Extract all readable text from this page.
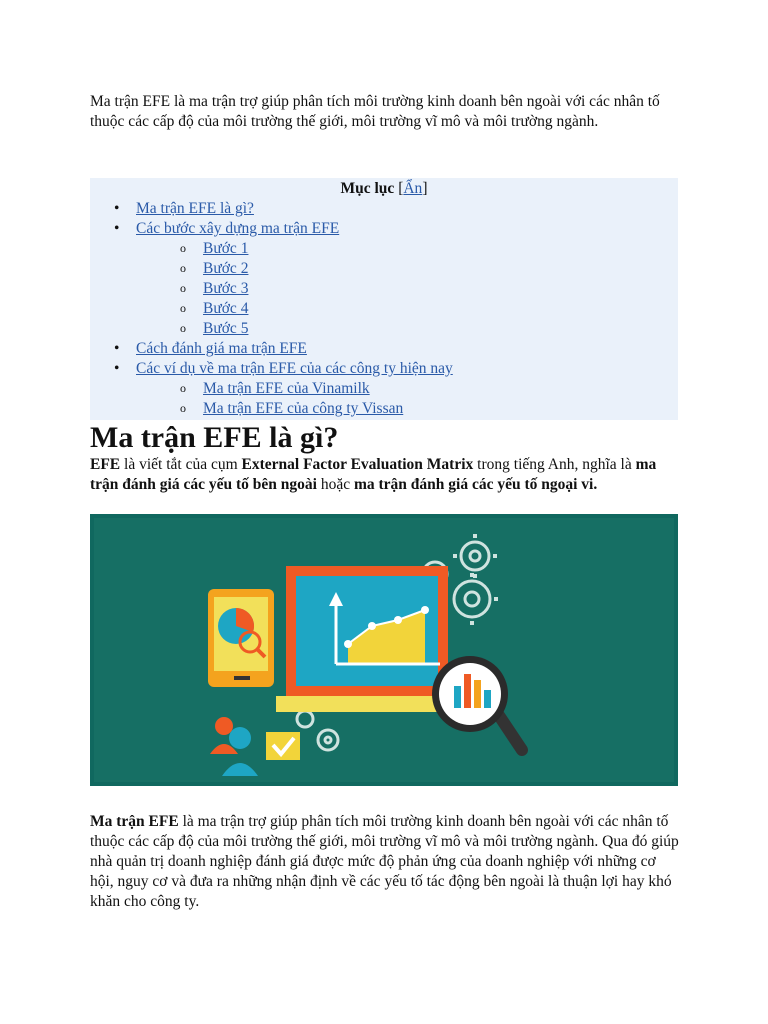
Ma trận EFE là ma trận trợ giúp phân tích môi trường kinh doanh bên ngoài với các nhân tố thuộc các cấp độ của môi trường thế giới, môi trường vĩ mô và môi trường ngành.

Mục lục [Ẩn]
• Ma trận EFE là gì?
• Các bước xây dựng ma trận EFE
o Bước 1
o Bước 2
o Bước 3
o Bước 4
o Bước 5
• Cách đánh giá ma trận EFE
• Các ví dụ về ma trận EFE của các công ty hiện nay
o Ma trận EFE của Vinamilk
o Ma trận EFE của công ty Vissan
Ma trận EFE là gì?

EFE là viết tắt của cụm External Factor Evaluation Matrix trong tiếng Anh, nghĩa là ma trận đánh giá các yếu tố bên ngoài hoặc ma trận đánh giá các yếu tố ngoại vi.

Ma trận EFE là ma trận trợ giúp phân tích môi trường kinh doanh bên ngoài với các nhân tố thuộc các cấp độ của môi trường thế giới, môi trường vĩ mô và môi trường ngành. Qua đó giúp nhà quản trị doanh nghiệp đánh giá được mức độ phản ứng của doanh nghiệp với những cơ hội, nguy cơ và đưa ra những nhận định về các yếu tố tác động bên ngoài là thuận lợi hay khó khăn cho công ty.
